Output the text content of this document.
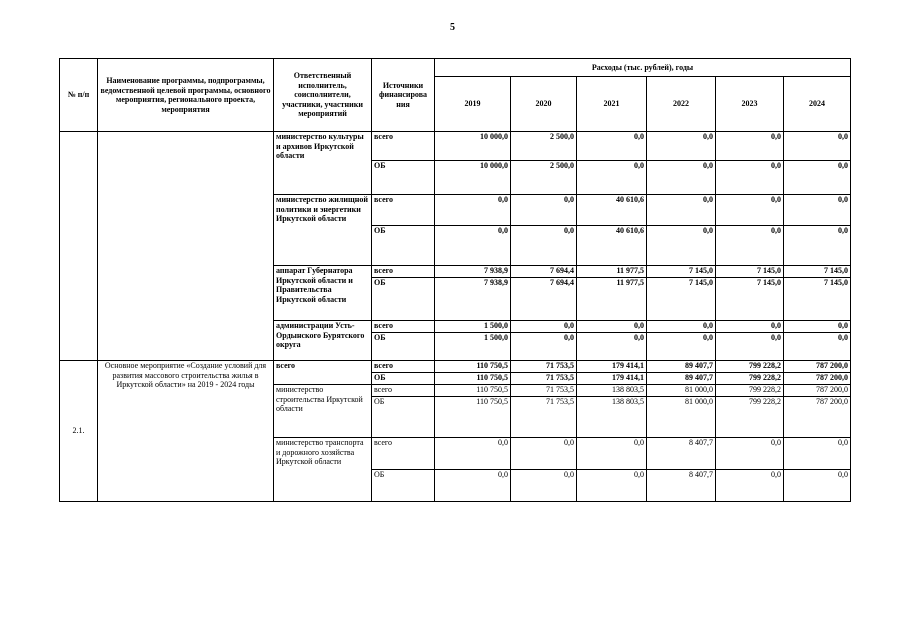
5
№ п/п	Наименование программы, подпрограммы, ведомственной целевой программы, основного мероприятия, регионального проекта, мероприятия	Ответственный исполнитель, соисполнители, участники, участники мероприятий	Источники финансирова ния	Расходы (тыс. рублей), годы					
				2019	2020	2021	2022	2023	2024
		министерство культуры и архивов Иркутской области	всего	10 000,0	2 500,0	0,0	0,0	0,0	0,0
			ОБ	10 000,0	2 500,0	0,0	0,0	0,0	0,0
		министерство жилищной политики и энергетики Иркутской области	всего	0,0	0,0	40 610,6	0,0	0,0	0,0
			ОБ	0,0	0,0	40 610,6	0,0	0,0	0,0
		аппарат Губернатора Иркутской области и Правительства Иркутской области	всего	7 938,9	7 694,4	11 977,5	7 145,0	7 145,0	7 145,0
			ОБ	7 938,9	7 694,4	11 977,5	7 145,0	7 145,0	7 145,0
		администрации Усть-Ордынского Бурятского округа	всего	1 500,0	0,0	0,0	0,0	0,0	0,0
			ОБ	1 500,0	0,0	0,0	0,0	0,0	0,0
2.1.	Основное мероприятие «Создание условий для развития массового строительства жилья в Иркутской области» на 2019 - 2024 годы	всего	всего	110 750,5	71 753,5	179 414,1	89 407,7	799 228,2	787 200,0
			ОБ	110 750,5	71 753,5	179 414,1	89 407,7	799 228,2	787 200,0
		министерство строительства Иркутской области	всего	110 750,5	71 753,5	138 803,5	81 000,0	799 228,2	787 200,0
			ОБ	110 750,5	71 753,5	138 803,5	81 000,0	799 228,2	787 200,0
		министерство транспорта и дорожного хозяйства Иркутской области	всего	0,0	0,0	0,0	8 407,7	0,0	0,0
			ОБ	0,0	0,0	0,0	8 407,7	0,0	0,0
